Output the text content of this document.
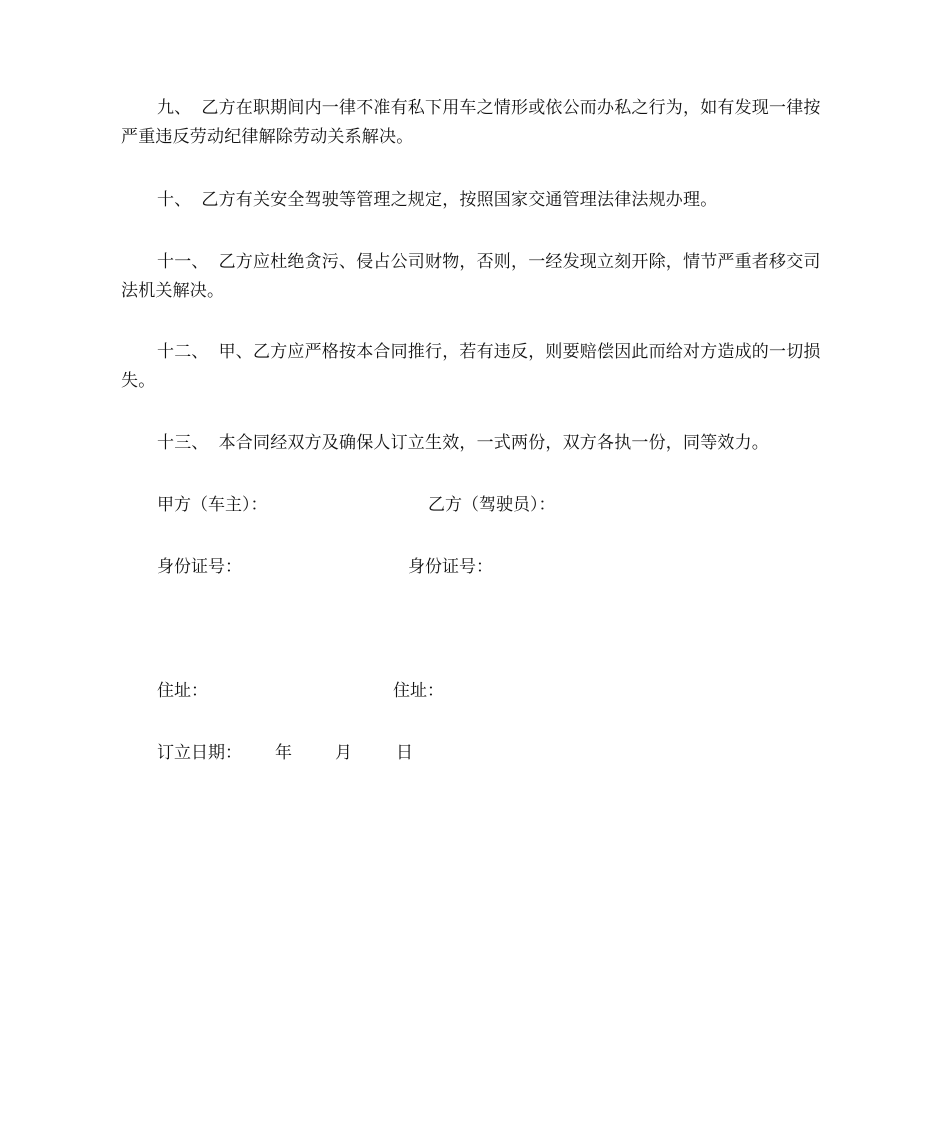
九、 乙方在职期间内一律不准有私下用车之情形或依公而办私之行为，如有发现一律按严重违反劳动纪律解除劳动关系解决。

十、 乙方有关安全驾驶等管理之规定，按照国家交通管理法律法规办理。

十一、 乙方应杜绝贪污、侵占公司财物，否则，一经发现立刻开除，情节严重者移交司法机关解决。

十二、 甲、乙方应严格按本合同推行，若有违反，则要赔偿因此而给对方造成的一切损失。

十三、 本合同经双方及确保人订立生效，一式两份，双方各执一份，同等效力。

甲方（车主）：	乙方（驾驶员）：

身份证号：	身份证号：

住址：	住址：

订立日期： 年	月	日
